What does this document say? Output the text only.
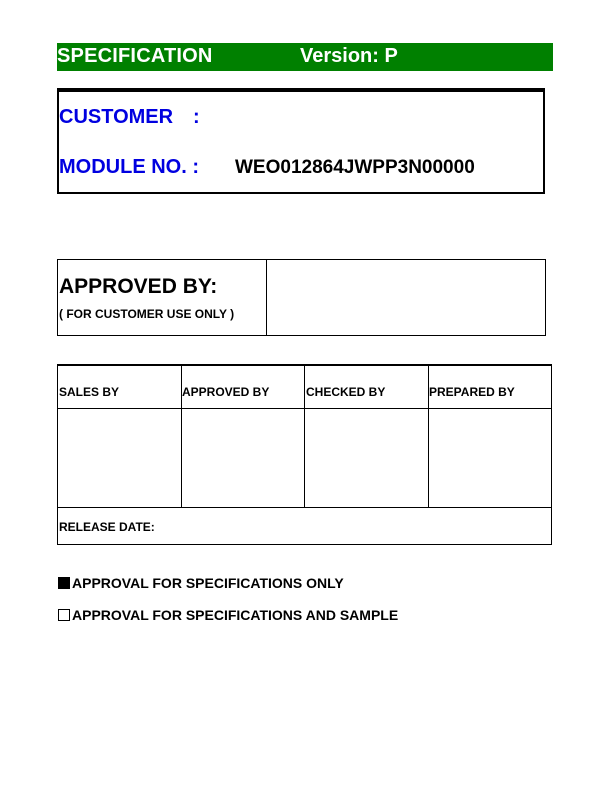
SPECIFICATION	Version: P
CUSTOMER :
MODULE NO. : WEO012864JWPP3N00000
APPROVED BY:
( FOR CUSTOMER USE ONLY )
SALES BY	APPROVED BY	CHECKED BY	PREPARED BY
RELEASE DATE:
APPROVAL FOR SPECIFICATIONS ONLY
APPROVAL FOR SPECIFICATIONS AND SAMPLE
